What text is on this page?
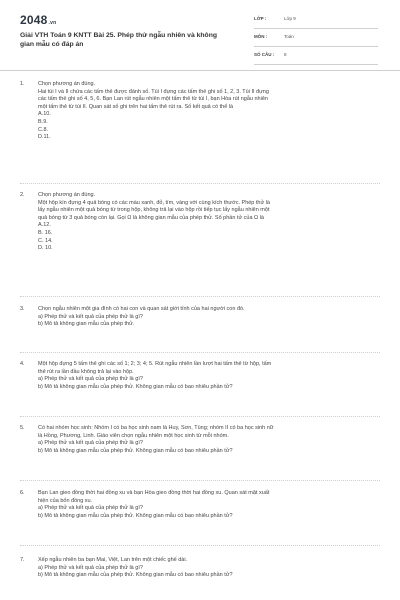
2048.vn
Giải VTH Toán 9 KNTT Bài 25. Phép thử ngẫu nhiên và không gian mẫu có đáp án
LỚP :	Lớp 9
MÔN :	Toán
SỐ CÂU : 8
1.	Chọn phương án đúng.
Hai túi I và II chứa các tấm thẻ được đánh số. Túi I đựng các tấm thẻ ghi số 1, 2, 3. Túi II đựng
các tấm thẻ ghi số 4, 5, 6. Bạn Lan rút ngẫu nhiên một tấm thẻ từ túi I, bạn Hòa rút ngẫu nhiên
một tấm thẻ từ túi II. Quan sát số ghi trên hai tấm thẻ rút ra. Số kết quả có thể là
A.10.
B.9.
C.8.
D.11.
2.	Chọn phương án đúng.
Một hộp kín đựng 4 quả bóng có các màu xanh, đỏ, tím, vàng với cùng kích thước. Phép thử là
lấy ngẫu nhiên một quả bóng từ trong hộp, không trả lại vào hộp rồi tiếp tục lấy ngẫu nhiên một
quả bóng từ 3 quả bóng còn lại. Gọi Ω là không gian mẫu của phép thử. Số phần tử của Ω là
A.12.
B. 16.
C. 14.
D. 10.
3.	Chọn ngẫu nhiên một gia đình có hai con và quan sát giới tính của hai người con đó.
a) Phép thử và kết quả của phép thử là gì?
b) Mô tả không gian mẫu của phép thử.
4.	Một hộp đựng 5 tấm thẻ ghi các số 1; 2; 3; 4; 5. Rút ngẫu nhiên lần lượt hai tấm thẻ từ hộp, tấm
thẻ rút ra lần đầu không trả lại vào hộp.
a) Phép thử và kết quả của phép thử là gì?
b) Mô tả không gian mẫu của phép thử. Không gian mẫu có bao nhiêu phần tử?
5.	Có hai nhóm học sinh: Nhóm I có ba học sinh nam là Huy, Sơn, Tùng; nhóm II có ba học sinh nữ
là Hồng, Phương, Linh. Giáo viên chọn ngẫu nhiên một học sinh từ mỗi nhóm.
a) Phép thử và kết quả của phép thử là gì?
b) Mô tả không gian mẫu của phép thử. Không gian mẫu có bao nhiêu phần tử?
6.	Bạn Lan gieo đồng thời hai đồng xu và bạn Hòa gieo đồng thời hai đồng xu. Quan sát mặt xuất
hiện của bốn đồng xu.
a) Phép thử và kết quả của phép thử là gì?
b) Mô tả không gian mẫu của phép thử. Không gian mẫu có bao nhiêu phần tử?
7.	Xếp ngẫu nhiên ba bạn Mai, Việt, Lan trên một chiếc ghế dài.
a) Phép thử và kết quả của phép thử là gì?
b) Mô tả không gian mẫu của phép thử. Không gian mẫu có bao nhiêu phần tử?
